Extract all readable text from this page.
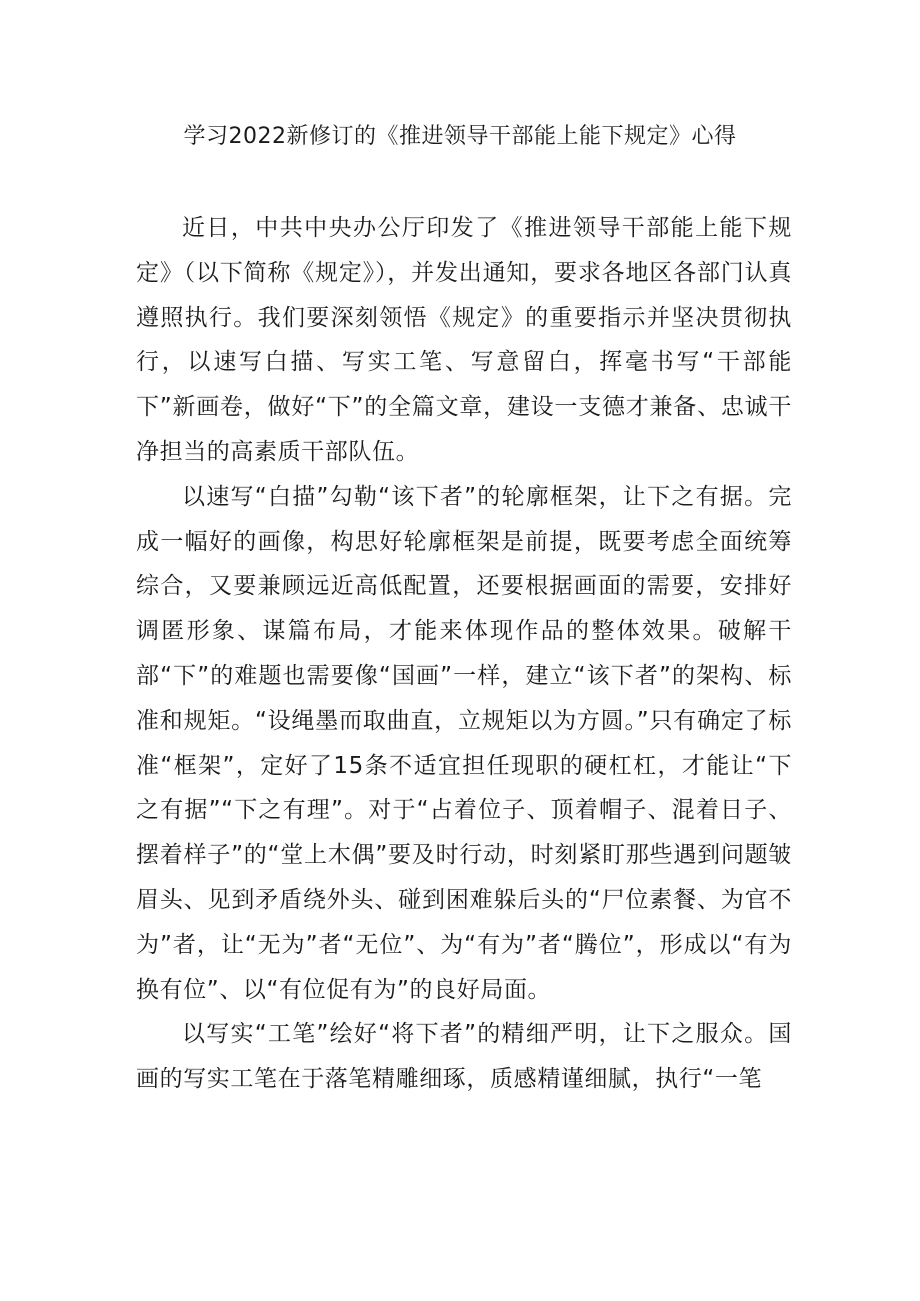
学习2022新修订的《推进领导干部能上能下规定》心得

近日，中共中央办公厅印发了《推进领导干部能上能下规定》（以下简称《规定》），并发出通知，要求各地区各部门认真遵照执行。我们要深刻领悟《规定》的重要指示并坚决贯彻执行，以速写白描、写实工笔、写意留白，挥毫书写“干部能下”新画卷，做好“下”的全篇文章，建设一支德才兼备、忠诚干净担当的高素质干部队伍。

以速写“白描”勾勒“该下者”的轮廓框架，让下之有据。完成一幅好的画像，构思好轮廓框架是前提，既要考虑全面统筹综合，又要兼顾远近高低配置，还要根据画面的需要，安排好调匿形象、谋篇布局，才能来体现作品的整体效果。破解干部“下”的难题也需要像“国画”一样，建立“该下者”的架构、标准和规矩。“设绳墨而取曲直，立规矩以为方圆。”只有确定了标准“框架”，定好了15条不适宜担任现职的硬杠杠，才能让“下之有据”“下之有理”。对于“占着位子、顶着帽子、混着日子、摆着样子”的“堂上木偶”要及时行动，时刻紧盯那些遇到问题皱眉头、见到矛盾绕外头、碰到困难躲后头的“尸位素餐、为官不为”者，让“无为”者“无位”、为“有为”者“腾位”，形成以“有为换有位”、以“有位促有为”的良好局面。

以写实“工笔”绘好“将下者”的精细严明，让下之服众。国画的写实工笔在于落笔精雕细琢，质感精谨细腻，执行“一笔
